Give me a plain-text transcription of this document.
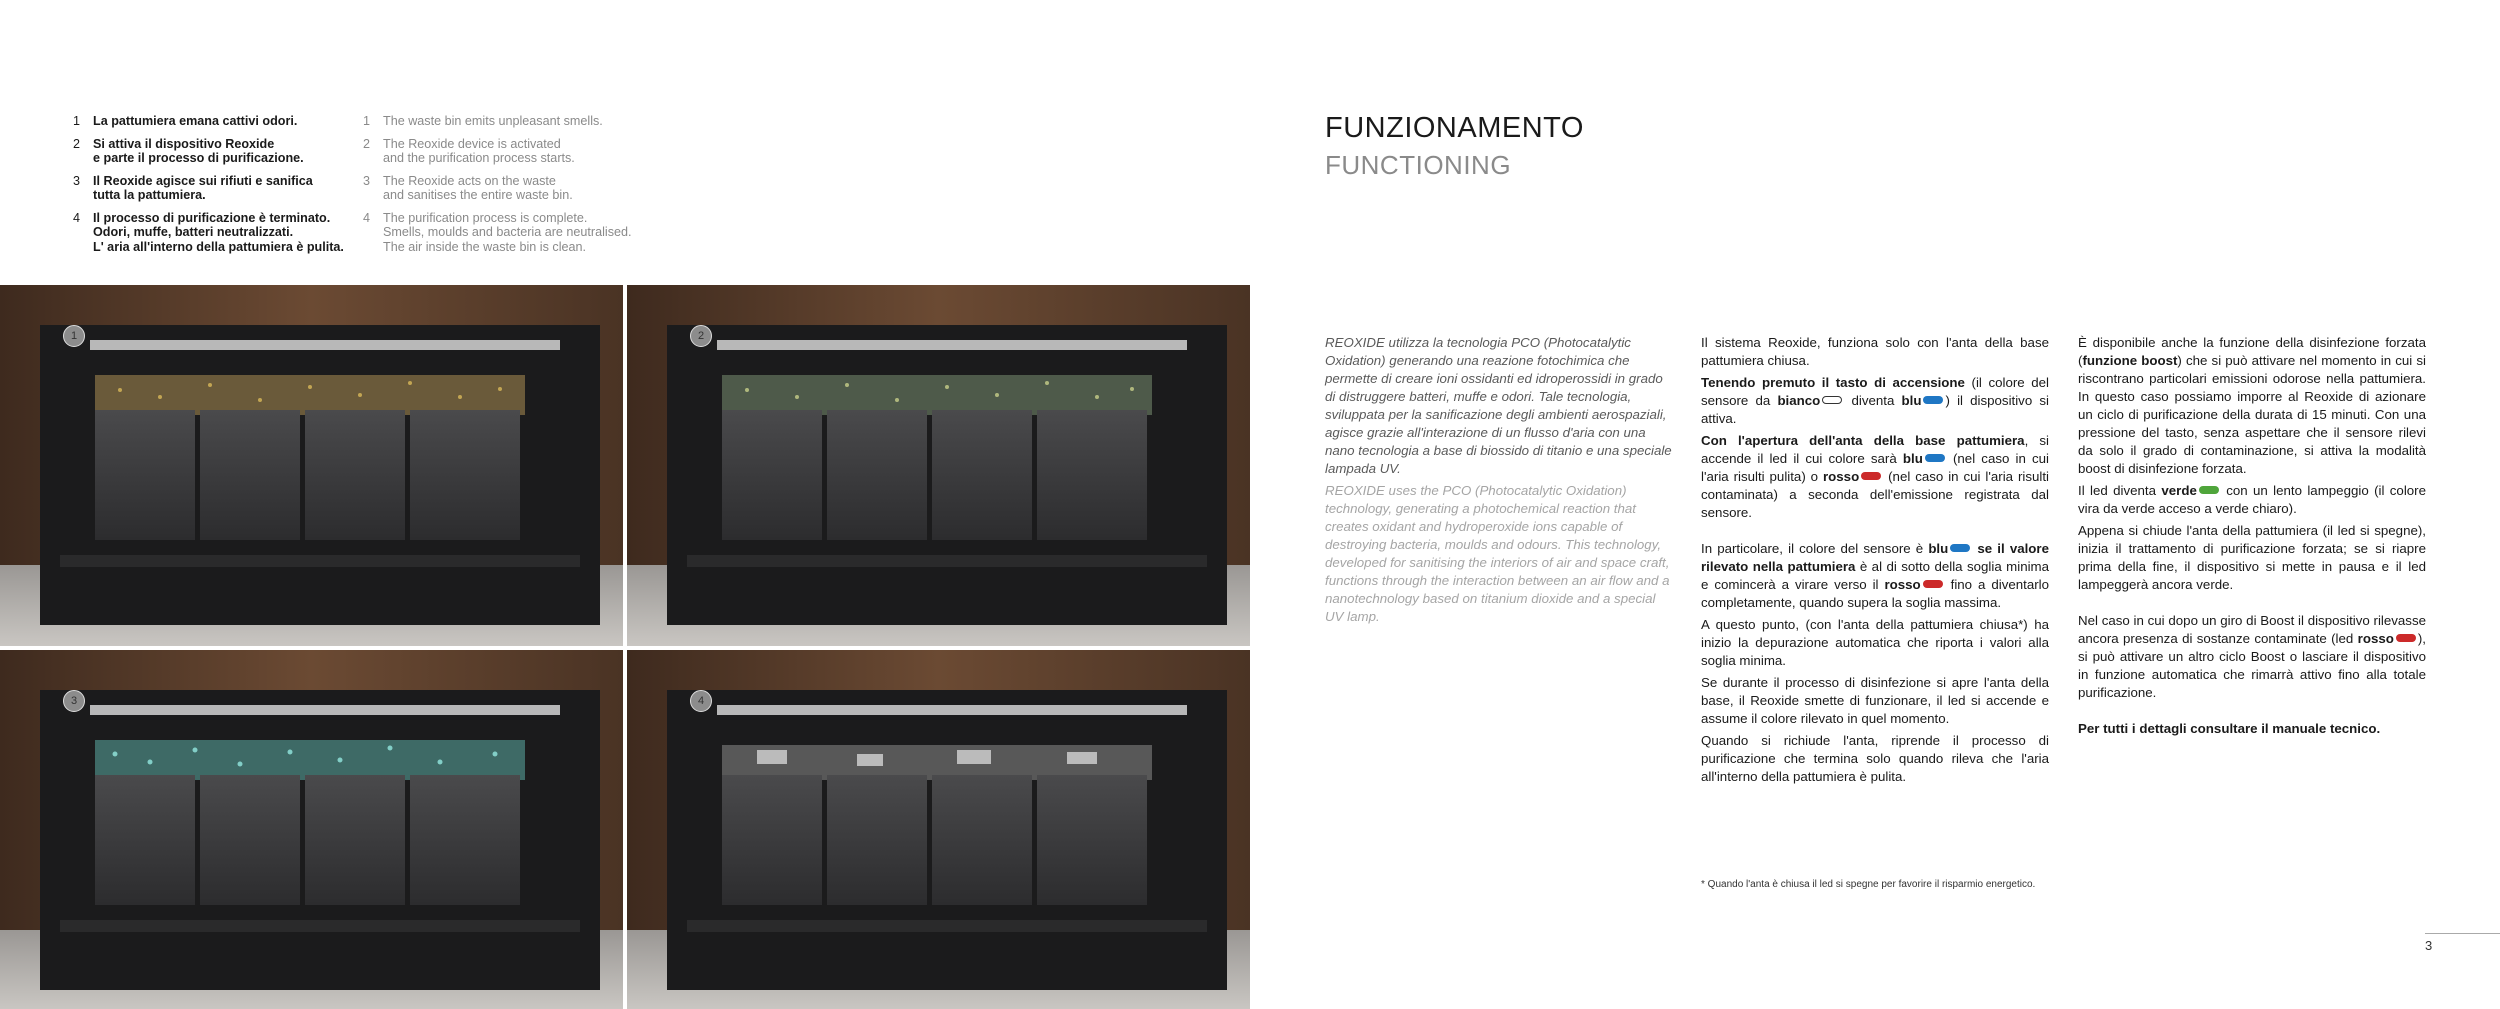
1	La pattumiera emana cattivi odori.
2	Si attiva il dispositivo Reoxide
e parte il processo di purificazione.
3	Il Reoxide agisce sui rifiuti e sanifica
tutta la pattumiera.
4	Il processo di purificazione è terminato.
Odori, muffe, batteri neutralizzati.
L' aria all'interno della pattumiera è pulita.
1	The waste bin emits unpleasant smells.
2	The Reoxide device is activated
and the purification process starts.
3	The Reoxide acts on the waste
and sanitises the entire waste bin.
4	The purification process is complete.
Smells, moulds and bacteria are neutralised.
The air inside the waste bin is clean.
1	2
3	4
FUNZIONAMENTO
FUNCTIONING

REOXIDE utilizza la tecnologia PCO (Photocatalytic Oxidation) generando una reazione fotochimica che permette di creare ioni ossidanti ed idroperossidi in grado di distruggere batteri, muffe e odori. Tale tecnologia, sviluppata per la sanificazione degli ambienti aerospaziali, agisce grazie all'interazione di un flusso d'aria con una nano tecnologia a base di biossido di titanio e una speciale lampada UV.

REOXIDE uses the PCO (Photocatalytic Oxidation) technology, generating a photochemical reaction that creates oxidant and hydroperoxide ions capable of destroying bacteria, moulds and odours. This technology, developed for sanitising the interiors of air and space craft, functions through the interaction between an air flow and a nanotechnology based on titanium dioxide and a special UV lamp.

Il sistema Reoxide, funziona solo con l'anta della base pattumiera chiusa.

Tenendo premuto il tasto di accensione (il colore del sensore da bianco diventa blu ) il dispositivo si attiva.

Con l'apertura dell'anta della base pattumiera, si accende il led il cui colore sarà blu (nel caso in cui l'aria risulti pulita) o rosso (nel caso in cui l'aria risulti contaminata) a seconda dell'emissione registrata dal sensore.

In particolare, il colore del sensore è blu se il valore rilevato nella pattumiera è al di sotto della soglia minima e comincerà a virare verso il rosso fino a diventarlo completamente, quando supera la soglia massima.

A questo punto, (con l'anta della pattumiera chiusa*) ha inizio la depurazione automatica che riporta i valori alla soglia minima.

Se durante il processo di disinfezione si apre l'anta della base, il Reoxide smette di funzionare, il led si accende e assume il colore rilevato in quel momento.

Quando si richiude l'anta, riprende il processo di purificazione che termina solo quando rileva che l'aria all'interno della pattumiera è pulita.

È disponibile anche la funzione della disinfezione forzata (funzione boost) che si può attivare nel momento in cui si riscontrano particolari emissioni odorose nella pattumiera. In questo caso possiamo imporre al Reoxide di azionare un ciclo di purificazione della durata di 15 minuti. Con una pressione del tasto, senza aspettare che il sensore rilevi da solo il grado di contaminazione, si attiva la modalità boost di disinfezione forzata.

Il led diventa verde con un lento lampeggio (il colore vira da verde acceso a verde chiaro).

Appena si chiude l'anta della pattumiera (il led si spegne), inizia il trattamento di purificazione forzata; se si riapre prima della fine, il dispositivo si mette in pausa e il led lampeggerà ancora verde.

Nel caso in cui dopo un giro di Boost il dispositivo rilevasse ancora presenza di sostanze contaminate (led rosso ), si può attivare un altro ciclo Boost o lasciare il dispositivo in funzione automatica che rimarrà attivo fino alla totale purificazione.

Per tutti i dettagli consultare il manuale tecnico.

* Quando l'anta è chiusa il led si spegne per favorire il risparmio energetico.
3
